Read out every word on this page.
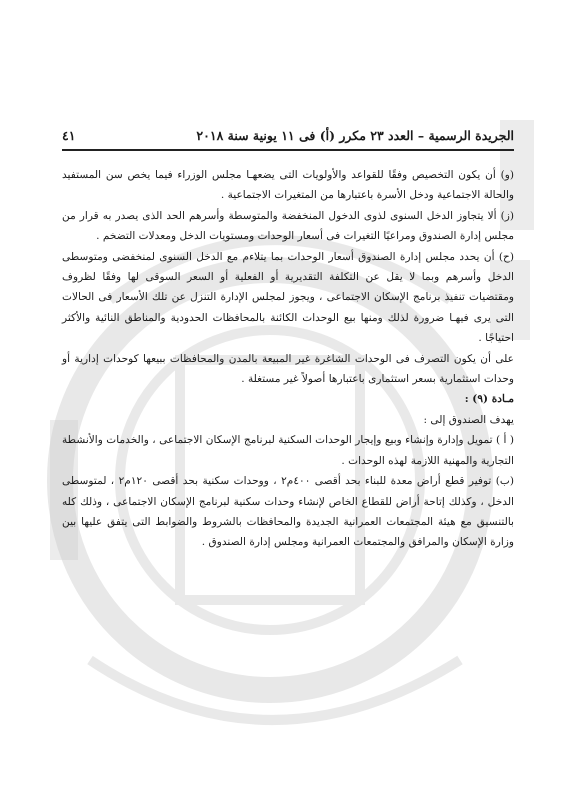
الجريدة الرسمية – العدد ٢٣ مكرر (أ) فى ١١ يونية سنة ٢٠١٨
٤١

(و) أن يكون التخصيص وفقًا للقواعد والأولويات التى يضعهـا مجلس الوزراء فيما يخص سن المستفيد والحالة الاجتماعية ودخل الأسرة باعتبارها من المتغيرات الاجتماعية .

(ز) ألا يتجاوز الدخل السنوى لذوى الدخول المنخفضة والمتوسطة وأسرهم الحد الذى يصدر به قرار من مجلس إدارة الصندوق ومراعيًا التغيرات فى أسعار الوحدات ومستويات الدخل ومعدلات التضخم .

(ح) أن يحدد مجلس إدارة الصندوق أسعار الوحدات بما يتلاءم مع الدخل السنوى لمنخفضى ومتوسطى الدخل وأسرهم وبما لا يقل عن التكلفة التقديرية أو الفعلية أو السعر السوقى لها وفقًا لظروف ومقتضيات تنفيذ برنامج الإسكان الاجتماعى ، ويجوز لمجلس الإدارة التنزل عن تلك الأسعار فى الحالات التى يرى فيهـا ضرورة لذلك ومنها بيع الوحدات الكائنة بالمحافظات الحدودية والمناطق النائية والأكثر احتياجًا .

على أن يكون التصرف فى الوحدات الشاغرة غير المبيعة بالمدن والمحافظات ببيعها كوحدات إدارية أو وحدات استثمارية بسعر استثمارى باعتبارها أصولاً غير مستغلة .

مـادة (٩) :

يهدف الصندوق إلى :

( أ ) تمويل وإدارة وإنشاء وبيع وإيجار الوحدات السكنية لبرنامج الإسكان الاجتماعى ، والخدمات والأنشطة التجارية والمهنية اللازمة لهذه الوحدات .

(ب) توفير قطع أراض معدة للبناء بحد أقصى ٤٠٠م٢ ، ووحدات سكنية بحد أقصى ١٢٠م٢ ، لمتوسطى الدخل ، وكذلك إتاحة أراض للقطاع الخاص لإنشاء وحدات سكنية لبرنامج الإسكان الاجتماعى ، وذلك كله بالتنسيق مع هيئة المجتمعات العمرانية الجديدة والمحافظات بالشروط والضوابط التى يتفق عليها بين وزارة الإسكان والمرافق والمجتمعات العمرانية ومجلس إدارة الصندوق .
